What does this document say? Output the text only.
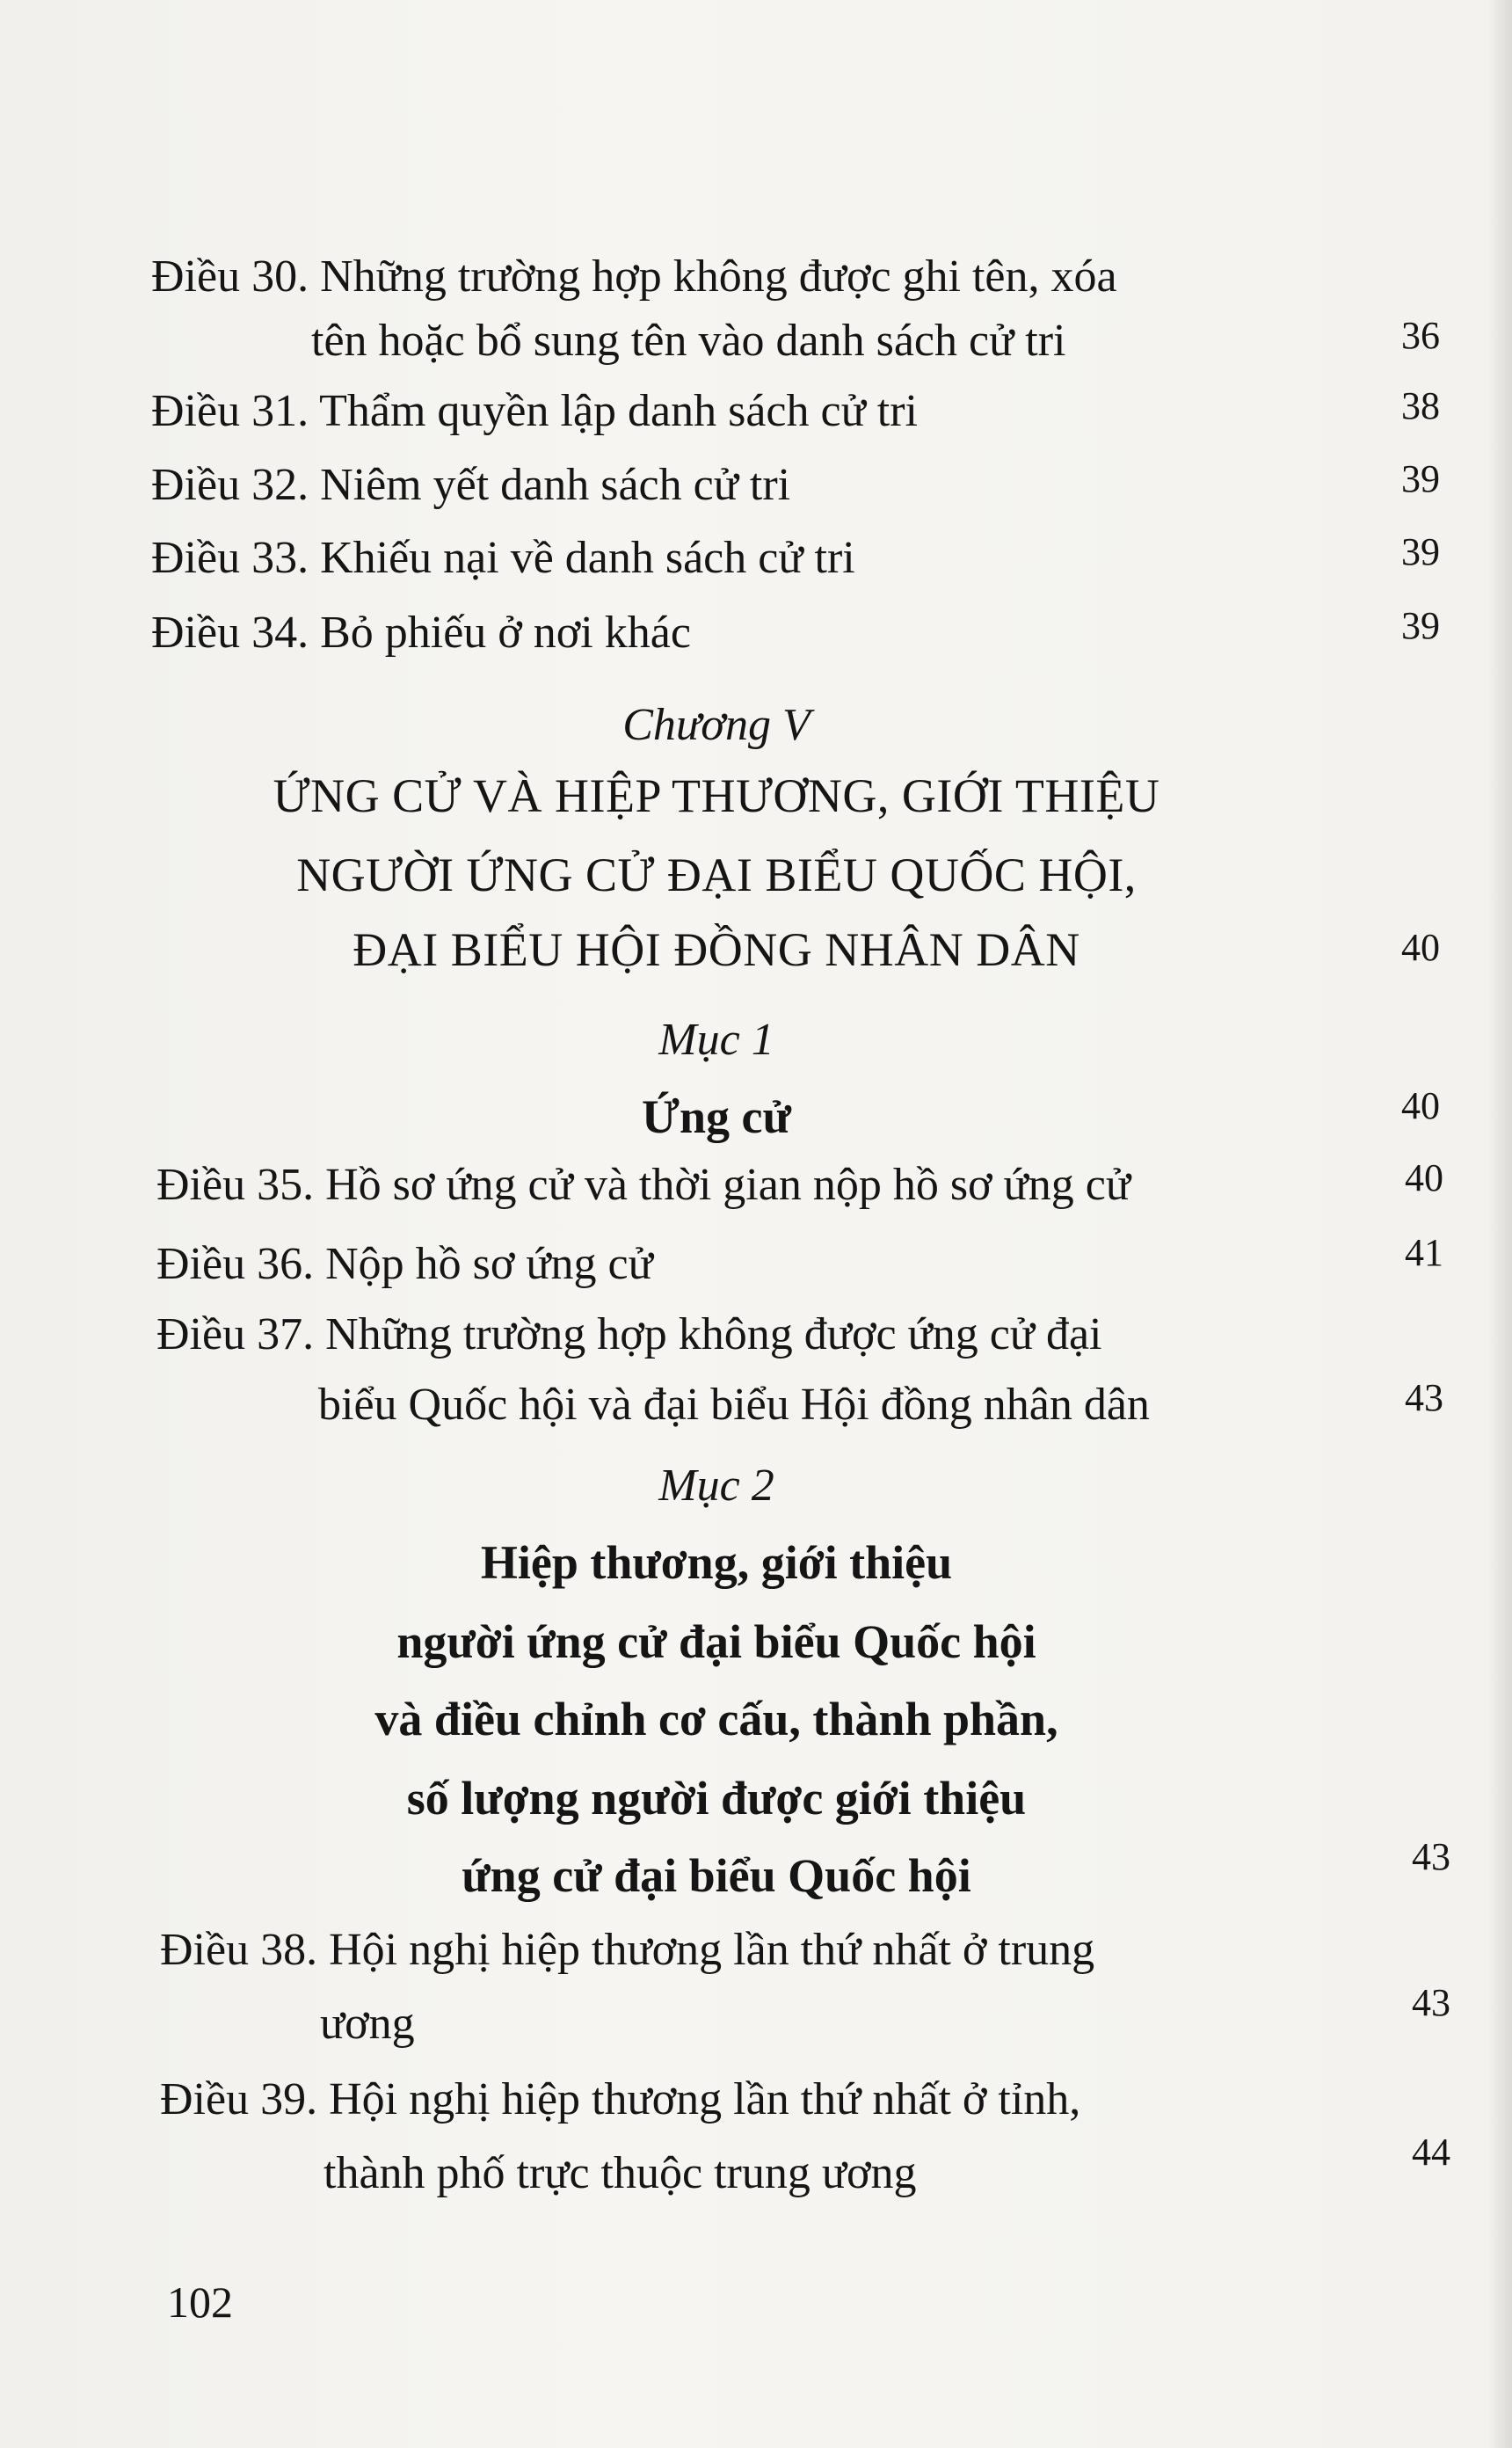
Điều 30. Những trường hợp không được ghi tên, xóa
tên hoặc bổ sung tên vào danh sách cử tri	36
Điều 31. Thẩm quyền lập danh sách cử tri	38
Điều 32. Niêm yết danh sách cử tri	39
Điều 33. Khiếu nại về danh sách cử tri	39
Điều 34. Bỏ phiếu ở nơi khác	39
Chương V
ỨNG CỬ VÀ HIỆP THƯƠNG, GIỚI THIỆU
NGƯỜI ỨNG CỬ ĐẠI BIỂU QUỐC HỘI,
ĐẠI BIỂU HỘI ĐỒNG NHÂN DÂN	40
Mục 1
Ứng cử	40
Điều 35. Hồ sơ ứng cử và thời gian nộp hồ sơ ứng cử	40
Điều 36. Nộp hồ sơ ứng cử	41
Điều 37. Những trường hợp không được ứng cử đại
biểu Quốc hội và đại biểu Hội đồng nhân dân	43
Mục 2
Hiệp thương, giới thiệu
người ứng cử đại biểu Quốc hội
và điều chỉnh cơ cấu, thành phần,
số lượng người được giới thiệu
ứng cử đại biểu Quốc hội	43
Điều 38. Hội nghị hiệp thương lần thứ nhất ở trung
ương	43
Điều 39. Hội nghị hiệp thương lần thứ nhất ở tỉnh,
thành phố trực thuộc trung ương	44
102
